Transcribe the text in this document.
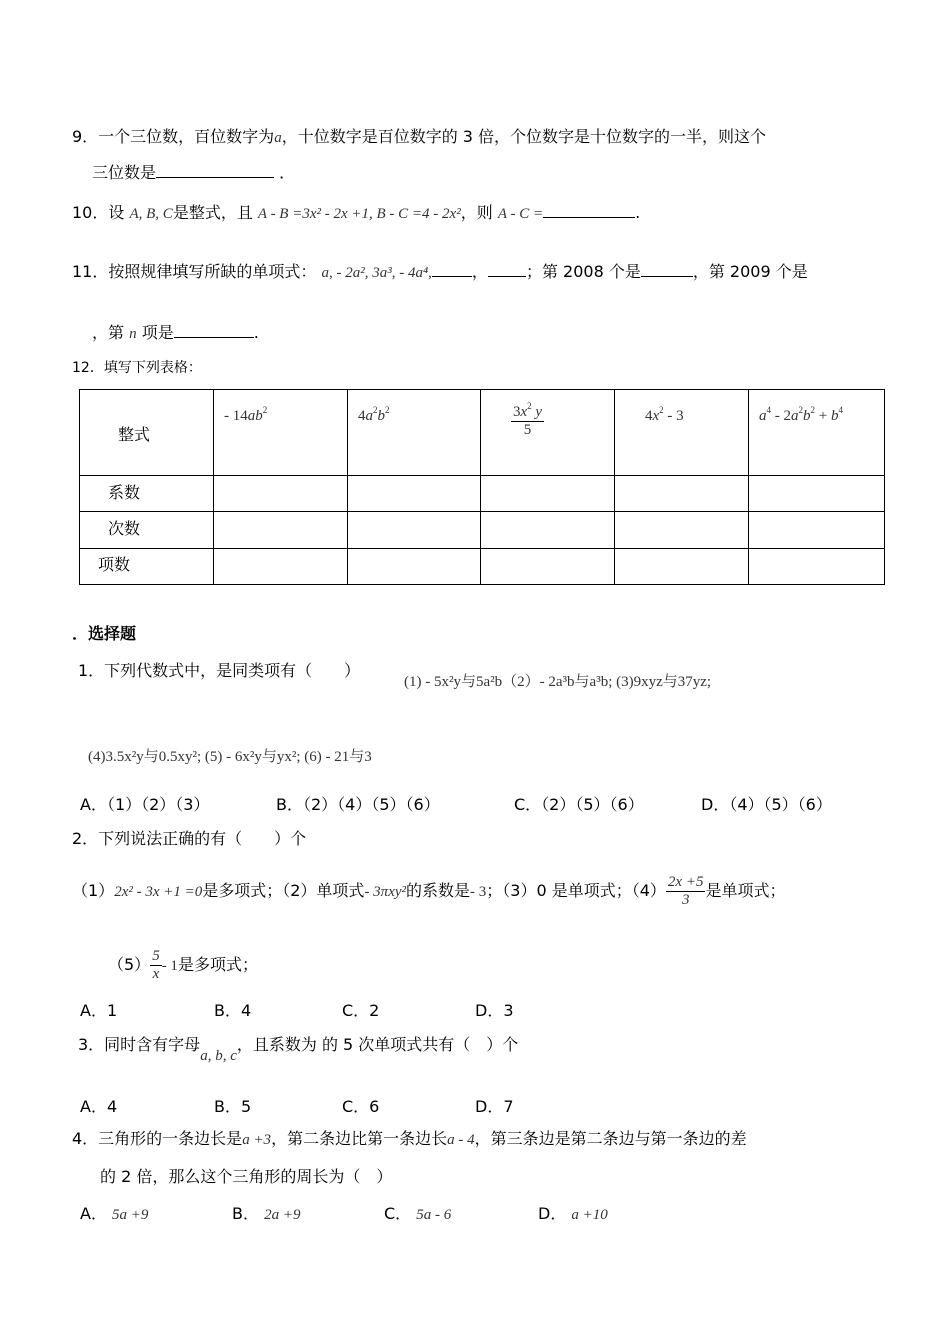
9．一个三位数，百位数字为a，十位数字是百位数字的 3 倍，个位数字是十位数字的一半，则这个
三位数是	．
10．设 A, B, C是整式，且 A - B =3x² - 2x +1, B - C =4 - 2x²，则 A - C =	.
11．按照规律填写所缺的单项式： a, - 2a², 3a³, - 4a⁴,	， ；第 2008 个是	，第 2009 个是
，第 n 项是	.
12．填写下列表格：
整式	- $14ab^2$	$4a^2b^2$	$\frac{3x^2 y}{5}$	$4x^2 - 3$	$a^4 - 2a^2b^2 + b^4$

系数					

次数					

项数					

．选择题
1．下列代数式中，是同类项有（　　）
(1) - 5x²y与5a²b（2）- 2a³b与a³b; (3)9xyz与37yz;
(4)3.5x²y与0.5xy²; (5) - 6x²y与yx²; (6) - 21与3
A．（1）（2）（3）	B．（2）（4）（5）（6）	C．（2）（5）（6）	D．（4）（5）（6）
2．下列说法正确的有（　　）个
（1）2x² - 3x +1 =0是多项式；（2）单项式- 3πxy²的系数是- 3；（3）0 是单项式；$(4) \frac{2x +5}{3}$ 是单项式；
$(5) \frac{5}{x} - 1$是多项式；
A．1	B．4	C．2	D．3
3．同时含有字母a, b, c，且系数为 的 5 次单项式共有（　）个
A．4	B．5	C．6	D．7
4．三角形的一条边长是a +3，第二条边比第一条边长a - 4，第三条边是第二条边与第一条边的差
的 2 倍，那么这个三角形的周长为（　）
A． 5a +9	B． 2a +9	C． 5a - 6	D． a +10
